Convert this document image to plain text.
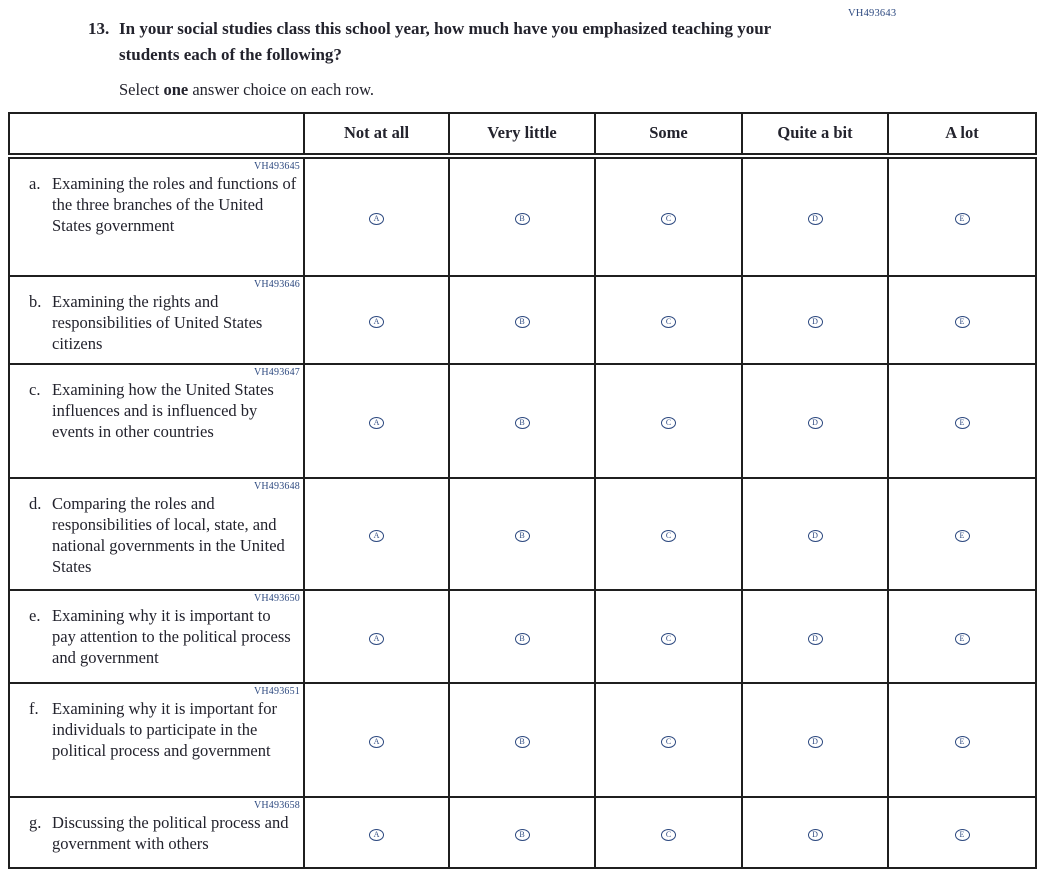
VH493643
13. In your social studies class this school year, how much have you emphasized teaching your students each of the following?

Select one answer choice on each row.

	Not at all	Very little	Some	Quite a bit	A lot

VH493645
a. Examining the roles and functions of the three branches of the United States government	A	B	C	D	E

VH493646
b. Examining the rights and responsibilities of United States citizens	A	B	C	D	E

VH493647
c. Examining how the United States influences and is influenced by events in other countries	A	B	C	D	E

VH493648
d. Comparing the roles and responsibilities of local, state, and national governments in the United States	A	B	C	D	E

VH493650
e. Examining why it is important to pay attention to the political process and government	A	B	C	D	E

VH493651
f. Examining why it is important for individuals to participate in the political process and government	A	B	C	D	E

VH493658
g. Discussing the political process and government with others	A	B	C	D	E
